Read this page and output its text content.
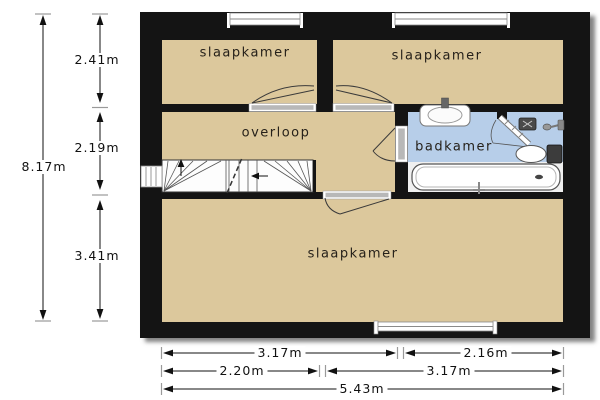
slaapkamer	slaapkamer
overloop
badkamer
slaapkamer
2.41m
2.19m
3.41m
8.17m
3.17m	2.16m
2.20m	3.17m
5.43m
